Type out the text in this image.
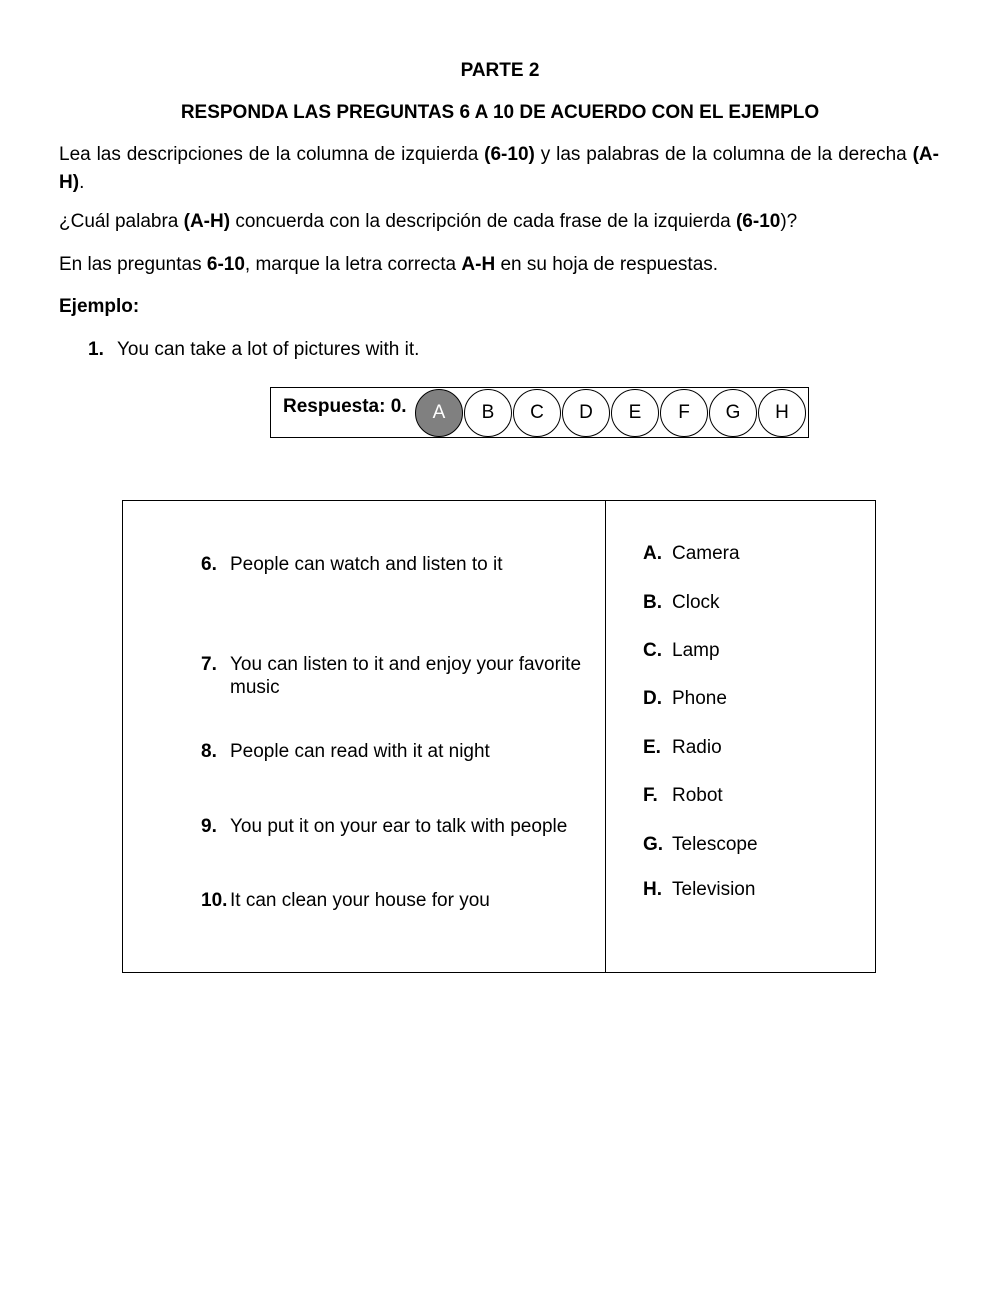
PARTE 2
RESPONDA LAS PREGUNTAS 6 A 10 DE ACUERDO CON EL EJEMPLO
Lea las descripciones de la columna de izquierda (6-10) y las palabras de la columna de la derecha (A-H).
¿Cuál palabra (A-H) concuerda con la descripción de cada frase de la izquierda (6-10)?
En las preguntas 6-10, marque la letra correcta A-H en su hoja de respuestas.
Ejemplo:
1. You can take a lot of pictures with it.
Respuesta: 0.	A	B	C	D	E	F	G	H
6. People can watch and listen to it
7. You can listen to it and enjoy your favorite music
8. People can read with it at night
9. You put it on your ear to talk with people
10. It can clean your house for you
A. Camera
B. Clock
C. Lamp
D. Phone
E. Radio
F. Robot
G. Telescope
H. Television
